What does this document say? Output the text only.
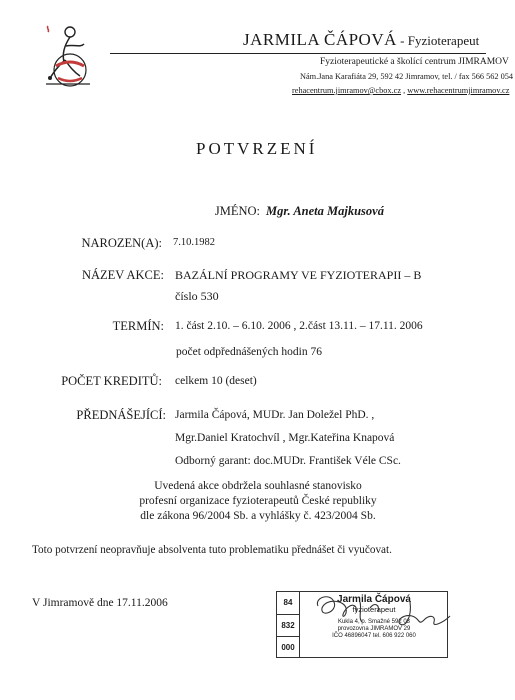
JARMILA ČÁPOVÁ - Fyzioterapeut
Fyzioterapeutické a školící centrum JIMRAMOV
Nám.Jana Karafiáta 29, 592 42 Jimramov, tel. / fax 566 562 054
rehacentrum.jimramov@cbox.cz , www.rehacentrumjimramov.cz
POTVRZENÍ
JMÉNO: Mgr. Aneta Majkusová
NAROZEN(A): 7.10.1982
NÁZEV AKCE: BAZÁLNÍ PROGRAMY VE FYZIOTERAPII – B
číslo 530
TERMÍN: 1. část 2.10. – 6.10. 2006 , 2.část 13.11. – 17.11. 2006
počet odpřednášených hodin 76
POČET KREDITŮ: celkem 10 (deset)
PŘEDNÁŠEJÍCÍ: Jarmila Čápová, MUDr. Jan Doležel PhD. ,
Mgr.Daniel Kratochvíl , Mgr.Kateřina Knapová
Odborný garant: doc.MUDr. František Véle CSc.
Uvedená akce obdržela souhlasné stanovisko
profesní organizace fyzioterapeutů České republiky
dle zákona 96/2004 Sb. a vyhlášky č. 423/2004 Sb.
Toto potvrzení neopravňuje absolventa tuto problematiku přednášet či vyučovat.
V Jimramově dne 17.11.2006	84
832
000
Jarmila Čápová
fyzioterapeut
Kukla 4, p. Smažné 592 03
provozovna JIMRAMOV 29
IČO 46896047 tel. 606 922 060
